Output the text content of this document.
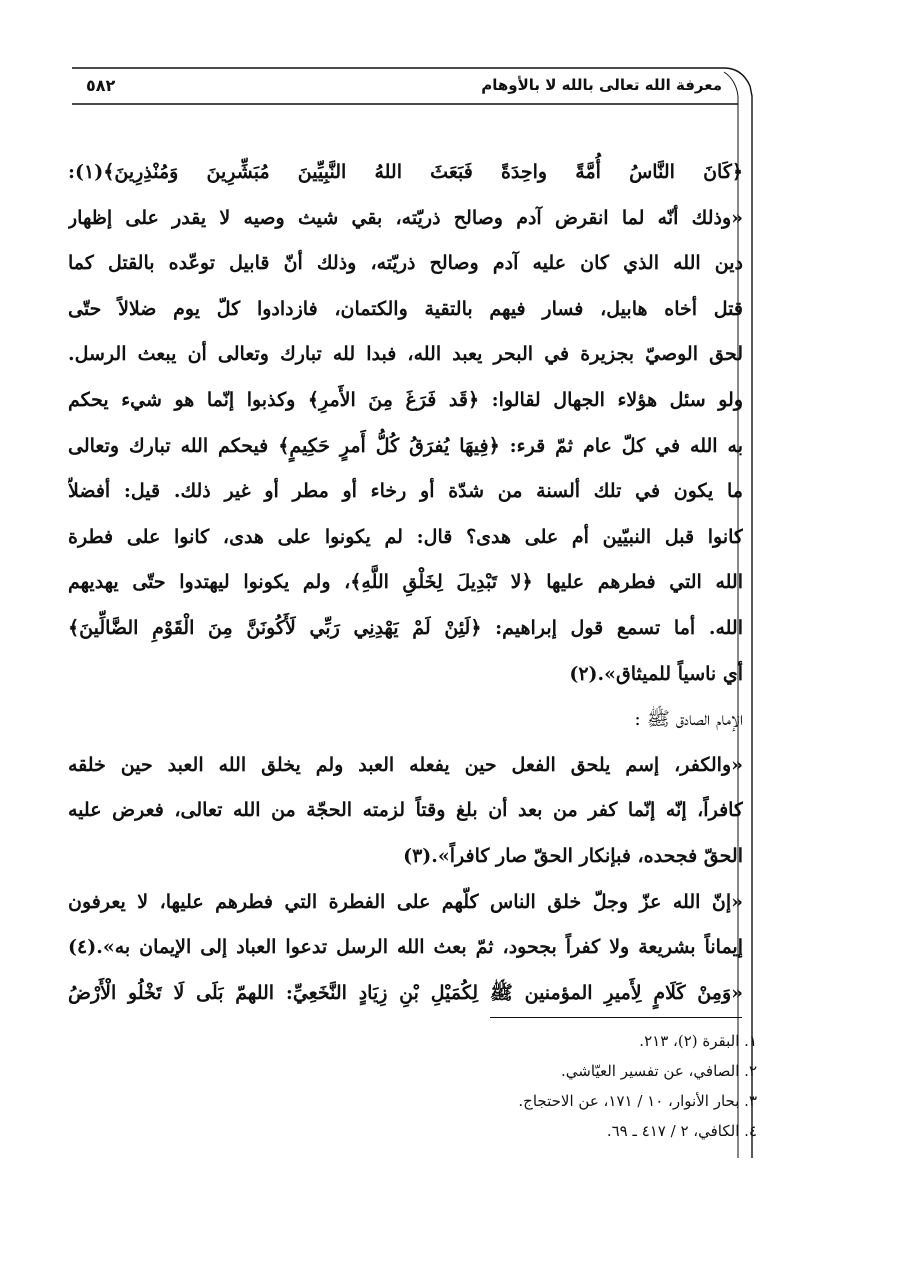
معرفة الله تعالى بالله لا بالأوهام
٥٨٢
﴿كَانَ النَّاسُ أُمَّةً واحِدَةً فَبَعَثَ اللهُ النَّبِيِّينَ مُبَشِّرِينَ وَمُنْذِرِينَ﴾(١):
«وذلك أنّه لما انقرض آدم وصالح ذريّته، بقي شيث وصيه لا يقدر على إظهار
دين الله الذي كان عليه آدم وصالح ذريّته، وذلك أنّ قابيل توعّده بالقتل كما
قتل أخاه هابيل، فسار فيهم بالتقية والكتمان، فازدادوا كلّ يوم ضلالاً حتّى
لحق الوصيّ بجزيرة في البحر يعبد الله، فبدا لله تبارك وتعالى أن يبعث الرسل.
ولو سئل هؤلاء الجهال لقالوا: ﴿قَد فَرَغَ مِنَ الأَمرِ﴾ وكذبوا إنّما هو شيء يحكم
به الله في كلّ عام ثمّ قرء: ﴿فِيهَا يُفرَقُ كُلُّ أَمرٍ حَكِيمٍ﴾ فيحكم الله تبارك وتعالى
ما يكون في تلك ألسنة من شدّة أو رخاء أو مطر أو غير ذلك. قيل: أفضلاّ
كانوا قبل النبيّين أم على هدى؟ قال: لم يكونوا على هدى، كانوا على فطرة
الله التي فطرهم عليها ﴿لا تَبْدِيلَ لِخَلْقِ اللَّهِ﴾، ولم يكونوا ليهتدوا حتّى يهديهم
الله. أما تسمع قول إبراهيم: ﴿لَئِنْ لَمْ يَهْدِنِي رَبِّي لَأَكُونَنَّ مِنَ الْقَوْمِ الضَّالِّينَ﴾
أي ناسياً للميثاق».(٢)
الإمام الصادق ﷺ :
«والكفر، إسم يلحق الفعل حين يفعله العبد ولم يخلق الله العبد حين خلقه
كافراً، إنّه إنّما كفر من بعد أن بلغ وقتاً لزمته الحجّة من الله تعالى، فعرض عليه
الحقّ فجحده، فبإنكار الحقّ صار كافراً».(٣)
«إنّ الله عزّ وجلّ خلق الناس كلّهم على الفطرة التي فطرهم عليها، لا يعرفون
إيماناً بشريعة ولا كفراً بجحود، ثمّ بعث الله الرسل تدعوا العباد إلى الإيمان به».(٤)
«وَمِنْ كَلَامٍ لِأَميرِ المؤمنين ﷺ لِكُمَيْلِ بْنِ زِيَادٍ النَّخَعِيِّ: اللهمّ بَلَى لَا تَخْلُو الْأَرْضُ
١. البقرة (٢)، ٢١٣.
٢. الصافي، عن تفسير العيّاشي.
٣. بحار الأنوار، ١٠ / ١٧١، عن الاحتجاج.
٤. الكافي، ٢ / ٤١٧ ـ ٦٩.
